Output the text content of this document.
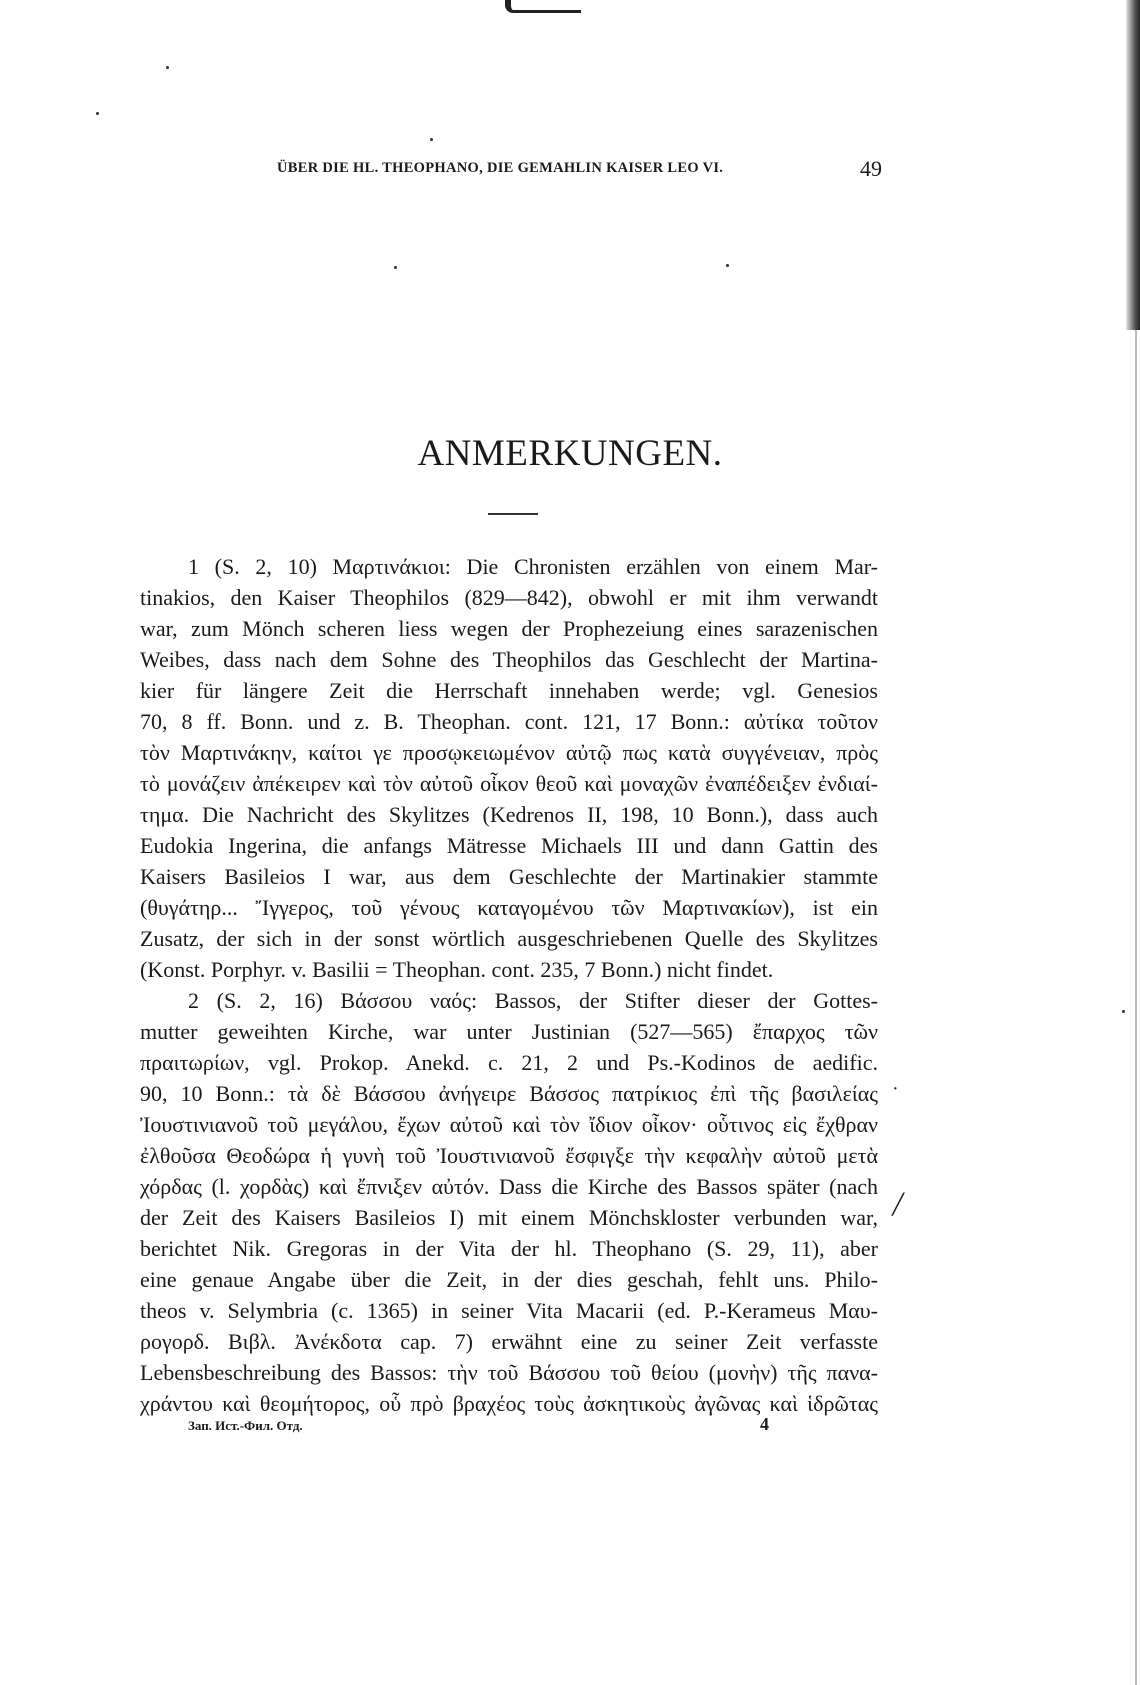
ÜBER DIE HL. THEOPHANO, DIE GEMAHLIN KAISER LEO VI.	49
ANMERKUNGEN.
1 (S. 2, 10) Μαρτινάκιοι: Die Chronisten erzählen von einem Mar-
tinakios, den Kaiser Theophilos (829—842), obwohl er mit ihm verwandt
war, zum Mönch scheren liess wegen der Prophezeiung eines sarazenischen
Weibes, dass nach dem Sohne des Theophilos das Geschlecht der Martina-
kier für längere Zeit die Herrschaft innehaben werde; vgl. Genesios
70, 8 ff. Bonn. und z. B. Theophan. cont. 121, 17 Bonn.: αὐτίκα τοῦτον
τὸν Μαρτινάκην, καίτοι γε προσῳκειωμένον αὐτῷ πως κατὰ συγγένειαν, πρὸς
τὸ μονάζειν ἀπέκειρεν καὶ τὸν αὐτοῦ οἶκον θεοῦ καὶ μοναχῶν ἐναπέδειξεν ἐνδιαί-
τημα. Die Nachricht des Skylitzes (Kedrenos II, 198, 10 Bonn.), dass auch
Eudokia Ingerina, die anfangs Mätresse Michaels III und dann Gattin des
Kaisers Basileios I war, aus dem Geschlechte der Martinakier stammte
(θυγάτηρ... Ἴγγερος, τοῦ γένους καταγομένου τῶν Μαρτινακίων), ist ein
Zusatz, der sich in der sonst wörtlich ausgeschriebenen Quelle des Skylitzes
(Konst. Porphyr. v. Basilii = Theophan. cont. 235, 7 Bonn.) nicht findet.
2 (S. 2, 16) Βάσσου ναός: Bassos, der Stifter dieser der Gottes-
mutter geweihten Kirche, war unter Justinian (527—565) ἔπαρχος τῶν
πραιτωρίων, vgl. Prokop. Anekd. c. 21, 2 und Ps.-Kodinos de aedific.
90, 10 Bonn.: τὰ δὲ Βάσσου ἀνήγειρε Βάσσος πατρίκιος ἐπὶ τῆς βασιλείας
Ἰουστινιανοῦ τοῦ μεγάλου, ἔχων αὐτοῦ καὶ τὸν ἴδιον οἶκον· οὗτινος εἰς ἔχθραν
ἐλθοῦσα Θεοδώρα ἡ γυνὴ τοῦ Ἰουστινιανοῦ ἔσφιγξε τὴν κεφαλὴν αὐτοῦ μετὰ
χόρδας (l. χορδὰς) καὶ ἔπνιξεν αὐτόν. Dass die Kirche des Bassos später (nach
der Zeit des Kaisers Basileios I) mit einem Mönchskloster verbunden war,
berichtet Nik. Gregoras in der Vita der hl. Theophano (S. 29, 11), aber
eine genaue Angabe über die Zeit, in der dies geschah, fehlt uns. Philo-
theos v. Selymbria (c. 1365) in seiner Vita Macarii (ed. P.-Kerameus Μαυ-
ρογορδ. Βιβλ. Ἀνέκδοτα cap. 7) erwähnt eine zu seiner Zeit verfasste
Lebensbeschreibung des Bassos: τὴν τοῦ Βάσσου τοῦ θείου (μονὴν) τῆς πανα-
χράντου καὶ θεομήτορος, οὗ πρὸ βραχέος τοὺς ἀσκητικοὺς ἀγῶνας καὶ ἱδρῶτας
·
╱
Зап. Ист.-Фил. Отд.	4
